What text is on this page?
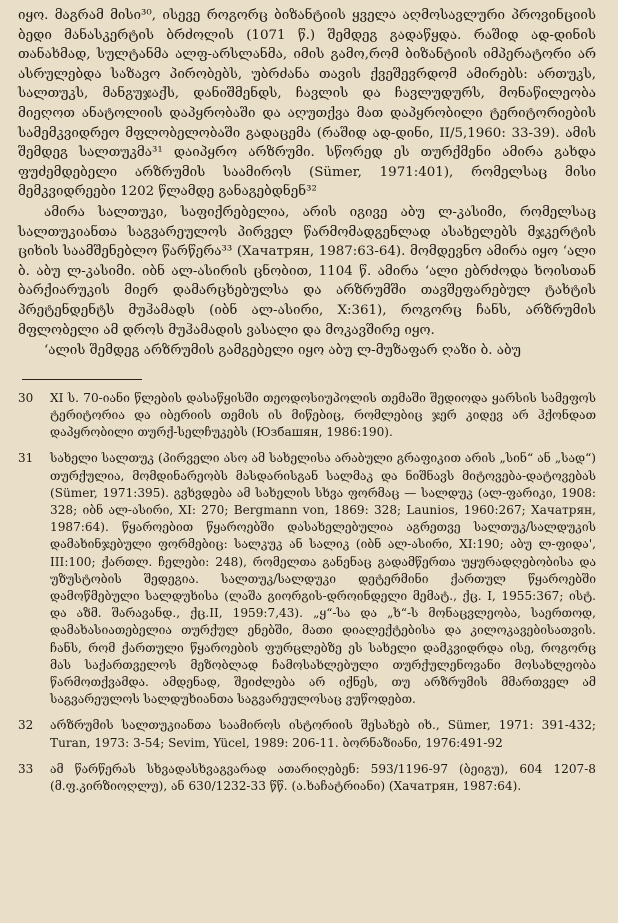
იყო. მაგრამ მისი³⁰, ისევე როგორც ბიზანტიის ყველა აღმოსავლური პროვინციის ბედი მანასკერტის ბრძოლის (1071 წ.) შემდეგ გადაწყდა. რაშიდ ად-დინის თანახმად, სულტანმა ალფ-არსლანმა, იმის გამო,რომ ბიზანტიის იმპერატორი არ ასრულებდა საზავო პირობებს, უბრძანა თავის ქვეშევრდომ ამირებს: ართუკს, სალთუკს, მანგუჯაქს, დანიშმენდს, ჩავლის და ჩავლუდურს, მონაწილეობა მიეღოთ ანატოლიის დაპყრობაში და აღუთქვა მათ დაპყრობილი ტერიტორიების სამემკვიდრეო მფლობელობაში გადაცემა (რაშიდ ად-დინი, II/5,1960: 33-39). ამის შემდეგ სალთუკმა³¹ დაიპყრო არზრუმი. სწორედ ეს თურქმენი ამირა გახდა ფუძემდებელი არზრუმის საამიროს (Sümer, 1971:401), რომელსაც მისი მემკვიდრეები 1202 წლამდე განაგებდნენ³²

ამირა სალთუკი, საფიქრებელია, არის იგივე აბუ ლ-კასიმი, რომელსაც სალთუკიანთა საგვარეულოს პირველ წარმომადგენლად ასახელებს მჯკერტის ციხის საამშენებლო წარწერა³³ (Хачатрян, 1987:63-64). მომდევნო ამირა იყო ʻალი ბ. აბუ ლ-კასიმი. იბნ ალ-ასირის ცნობით, 1104 წ. ამირა ʻალი ებრძოდა ხოისთან ბარქიარუკის მიერ დამარცხებულსა და არზრუმში თავშეფარებულ ტახტის პრეტენდენტს მუჰამადს (იბნ ალ-ასირი, X:361), როგორც ჩანს, არზრუმის მფლობელი ამ დროს მუჰამადის ვასალი და მოკავშირე იყო.

ʻალის შემდეგ არზრუმის გამგებელი იყო აბუ ლ-მუზაფარ ღაზი ბ. აბუ

30	XI ს. 70-იანი წლების დასაწყისში თეოდოსიუპოლის თემაში შედიოდა ყარსის სამეფოს ტერიტორია და იბერიის თემის ის მიწებიც, რომლებიც ჯერ კიდევ არ ჰქონდათ დაპყრობილი თურქ-სელჩუკებს (Юзбашян, 1986:190).
31	სახელი სალთუკ (პირველი ასო ამ სახელისა არაბული გრაფიკით არის „სინ“ ან „სად“) თურქულია, მომდინარეობს მასდარისგან სალმაკ და ნიშნავს მიტოვება-დატოვებას (Sümer, 1971:395). გვხვდება ამ სახელის სხვა ფორმაც — სალდუკ (ალ-ფარიკი, 1908: 328; იბნ ალ-ასირი, XI: 270; Bergmann von, 1869: 328; Launios, 1960:267; Хачатрян, 1987:64). წყაროებით წყაროებში დასახელებულია აგრეთვე სალთუკ/სალდუკის დამახინჯებული ფორმებიც: სალკუკ ან სალიკ (იბნ ალ-ასირი, XI:190; აბუ ლ-ფიდა', III:100; ქართლ. ჩელები: 248), რომელთა განენაც გადამწერთა უყურადღებობისა და უზუსტობის შედეგია. სალთუკ/სალდუკი დეტერმინი ქართულ წყაროებში დამოწმებული სალდუხისა (ლაშა გიორგის-დროინდელი მემატ., ქც. I, 1955:367; ისტ. და აზმ. შარავანდ., ქც.II, 1959:7,43). „ყ“-სა და „ხ“-ს მონაცვლეობა, საერთოდ, დამახასიათებელია თურქულ ენებში, მათი დიალექტებისა და კილოკავებისათვის. ჩანს, რომ ქართული წყაროების ფურცლებზე ეს სახელი დამკვიდრდა ისე, როგორც მას საქართველოს მეზობლად ჩამოსახლებული თურქულენოვანი მოსახლეობა წარმოთქვამდა. ამდენად, შეიძლება არ იქნეს, თუ არზრუმის მმართველ ამ საგვარეულოს სალდუხიანთა საგვარეულოსაც ვუწოდებთ.
32	არზრუმის სალთუკიანთა საამიროს ისტორიის შესახებ იხ., Sümer, 1971: 391-432; Turan, 1973: 3-54; Sevim, Yücel, 1989: 206-11. ბორნაზიანი, 1976:491-92
33	ამ წარწერას სხვადასხვაგვარად ათარიღებენ: 593/1196-97 (ბეიგუ), 604 1207-8 (მ.ფ.კირზიოღლუ), ან 630/1232-33 წწ. (ა.ხაჩატრიანი) (Хачатрян, 1987:64).
